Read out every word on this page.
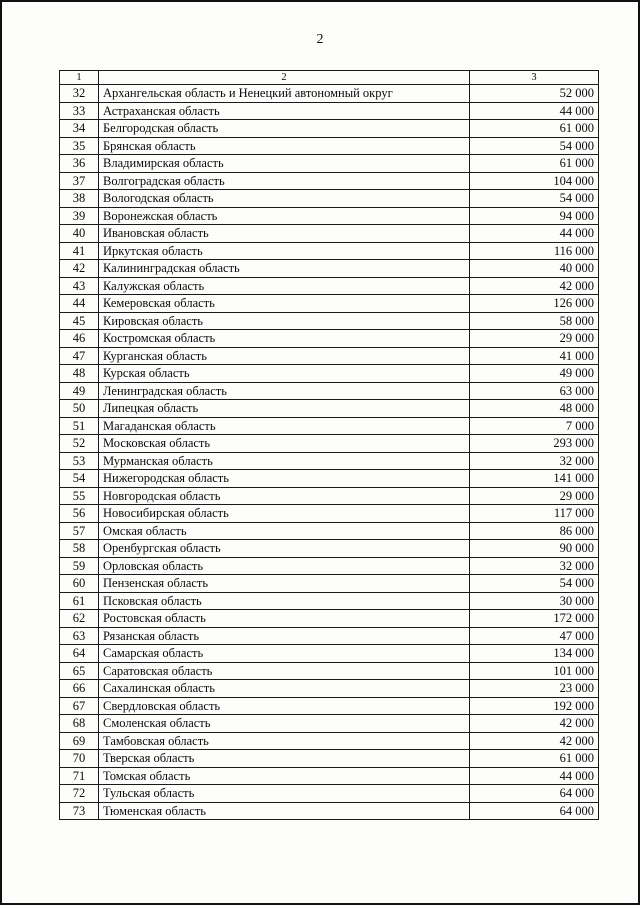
2
1	2	3
32	Архангельская область и Ненецкий автономный округ	52 000
33	Астраханская область	44 000
34	Белгородская область	61 000
35	Брянская область	54 000
36	Владимирская область	61 000
37	Волгоградская область	104 000
38	Вологодская область	54 000
39	Воронежская область	94 000
40	Ивановская область	44 000
41	Иркутская область	116 000
42	Калининградская область	40 000
43	Калужская область	42 000
44	Кемеровская область	126 000
45	Кировская область	58 000
46	Костромская область	29 000
47	Курганская область	41 000
48	Курская область	49 000
49	Ленинградская область	63 000
50	Липецкая область	48 000
51	Магаданская область	7 000
52	Московская область	293 000
53	Мурманская область	32 000
54	Нижегородская область	141 000
55	Новгородская область	29 000
56	Новосибирская область	117 000
57	Омская область	86 000
58	Оренбургская область	90 000
59	Орловская область	32 000
60	Пензенская область	54 000
61	Псковская область	30 000
62	Ростовская область	172 000
63	Рязанская область	47 000
64	Самарская область	134 000
65	Саратовская область	101 000
66	Сахалинская область	23 000
67	Свердловская область	192 000
68	Смоленская область	42 000
69	Тамбовская область	42 000
70	Тверская область	61 000
71	Томская область	44 000
72	Тульская область	64 000
73	Тюменская область	64 000
